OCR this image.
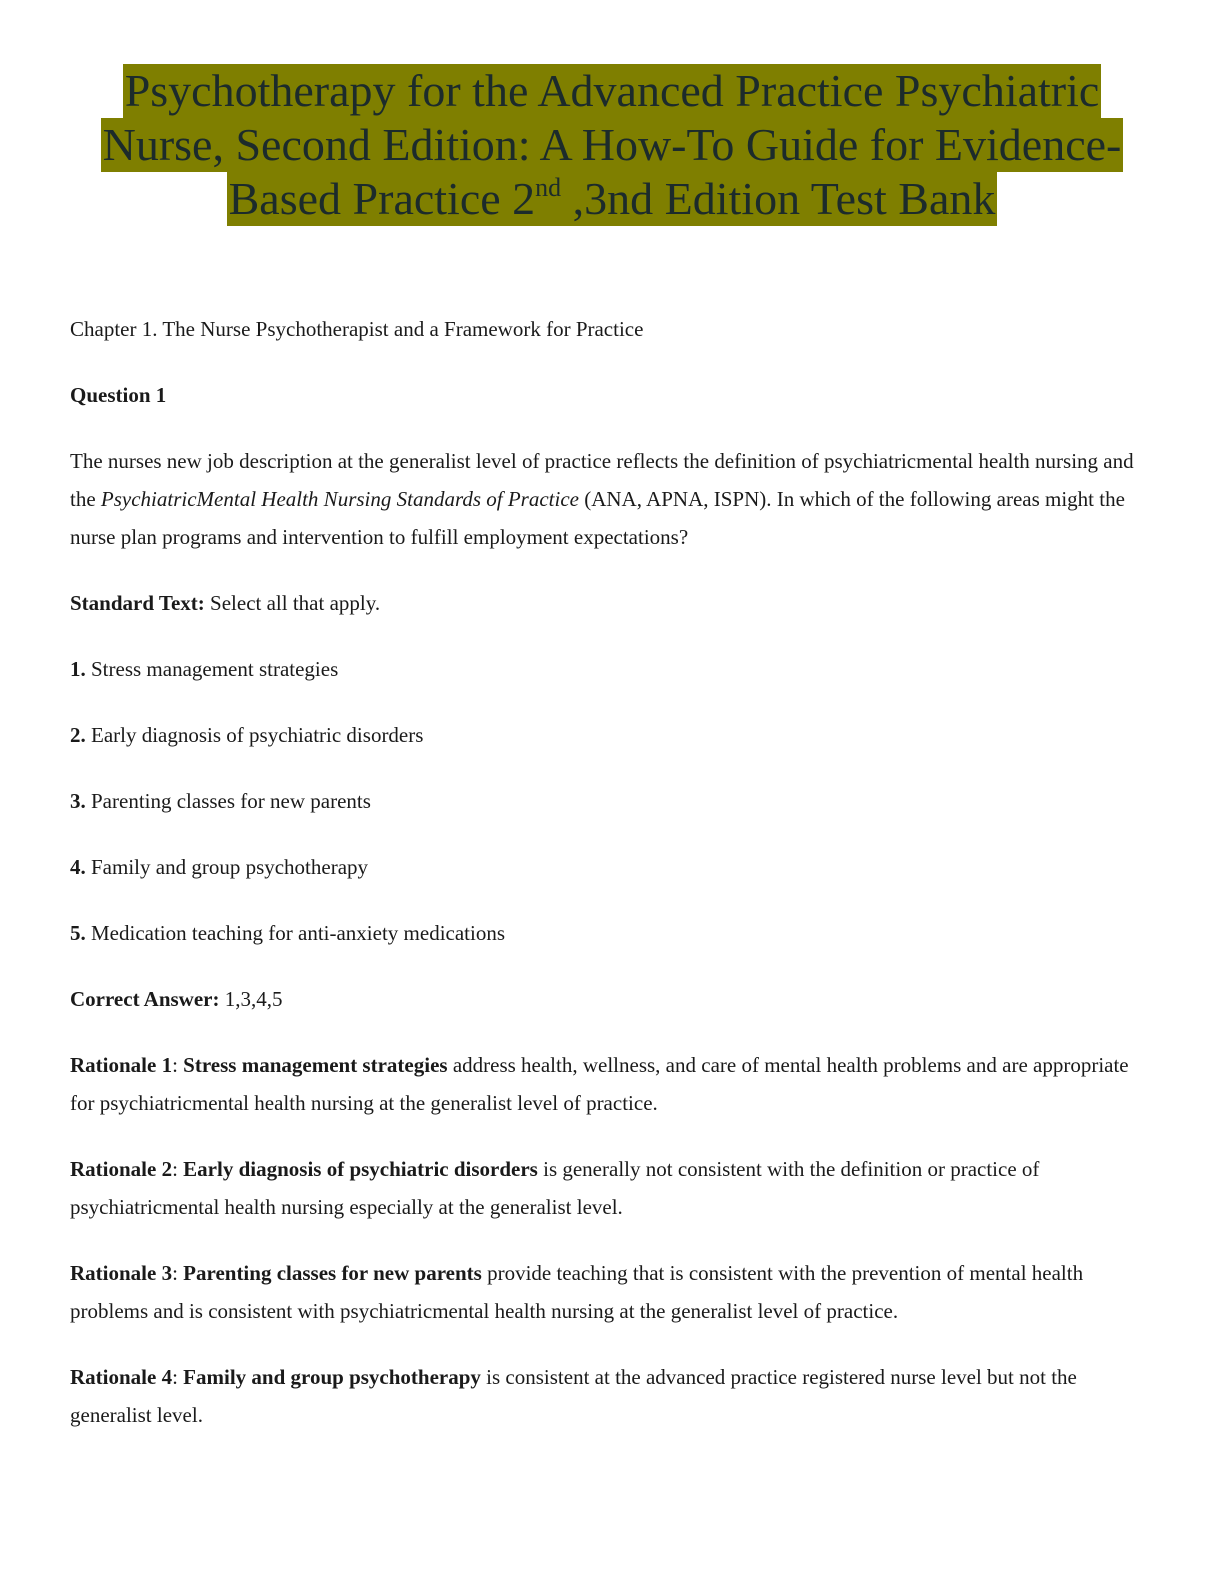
Psychotherapy for the Advanced Practice Psychiatric
Nurse, Second Edition: A How-To Guide for Evidence-
Based Practice 2nd ,3nd Edition Test Bank

Chapter 1. The Nurse Psychotherapist and a Framework for Practice

Question 1

The nurses new job description at the generalist level of practice reflects the definition of psychiatricmental health nursing and the PsychiatricMental Health Nursing Standards of Practice (ANA, APNA, ISPN). In which of the following areas might the nurse plan programs and intervention to fulfill employment expectations?

Standard Text: Select all that apply.

1. Stress management strategies

2. Early diagnosis of psychiatric disorders

3. Parenting classes for new parents

4. Family and group psychotherapy

5. Medication teaching for anti-anxiety medications

Correct Answer: 1,3,4,5

Rationale 1: Stress management strategies address health, wellness, and care of mental health problems and are appropriate for psychiatricmental health nursing at the generalist level of practice.

Rationale 2: Early diagnosis of psychiatric disorders is generally not consistent with the definition or practice of psychiatricmental health nursing especially at the generalist level.

Rationale 3: Parenting classes for new parents provide teaching that is consistent with the prevention of mental health problems and is consistent with psychiatricmental health nursing at the generalist level of practice.

Rationale 4: Family and group psychotherapy is consistent at the advanced practice registered nurse level but not the generalist level.
